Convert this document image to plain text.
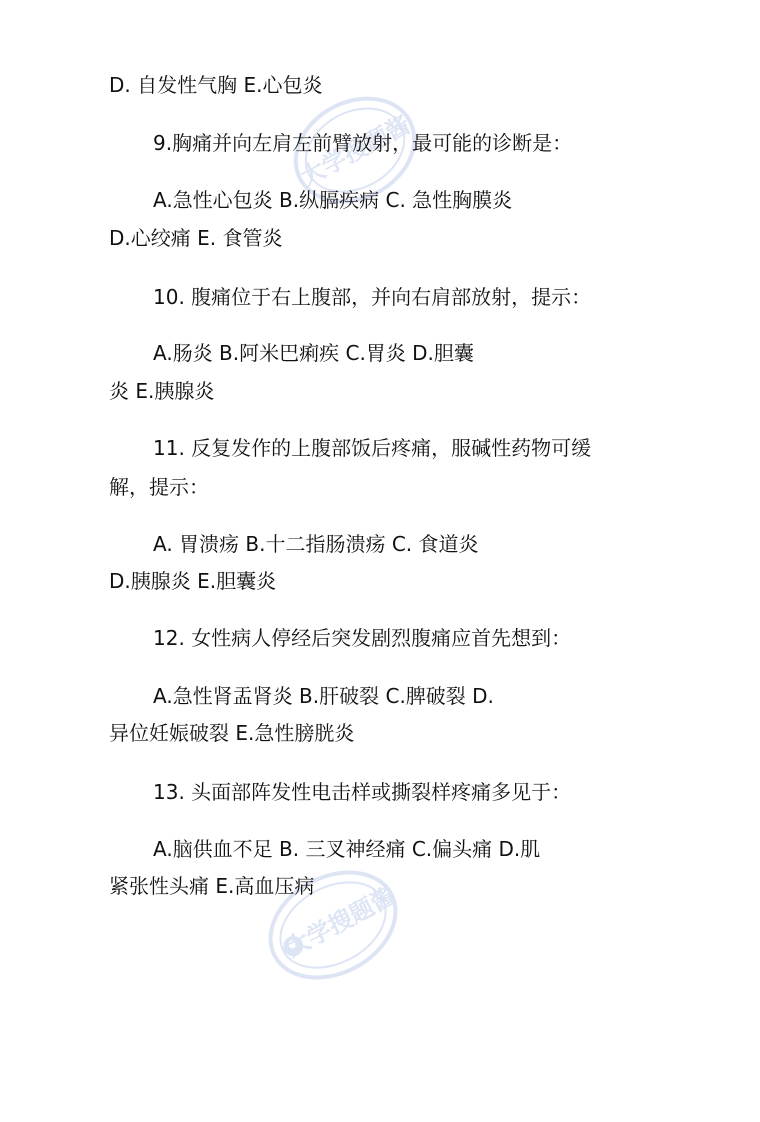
大学搜题酱
大学搜题酱
D. 自发性气胸 E.心包炎
9.胸痛并向左肩左前臂放射，最可能的诊断是：
A.急性心包炎 B.纵膈疾病 C. 急性胸膜炎
D.心绞痛 E. 食管炎
10. 腹痛位于右上腹部，并向右肩部放射，提示：
A.肠炎 B.阿米巴痢疾 C.胃炎 D.胆囊
炎 E.胰腺炎
11. 反复发作的上腹部饭后疼痛，服碱性药物可缓
解，提示：
A. 胃溃疡 B.十二指肠溃疡 C. 食道炎
D.胰腺炎 E.胆囊炎
12. 女性病人停经后突发剧烈腹痛应首先想到：
A.急性肾盂肾炎 B.肝破裂 C.脾破裂 D.
异位妊娠破裂 E.急性膀胱炎
13. 头面部阵发性电击样或撕裂样疼痛多见于：
A.脑供血不足 B. 三叉神经痛 C.偏头痛 D.肌
紧张性头痛 E.高血压病
